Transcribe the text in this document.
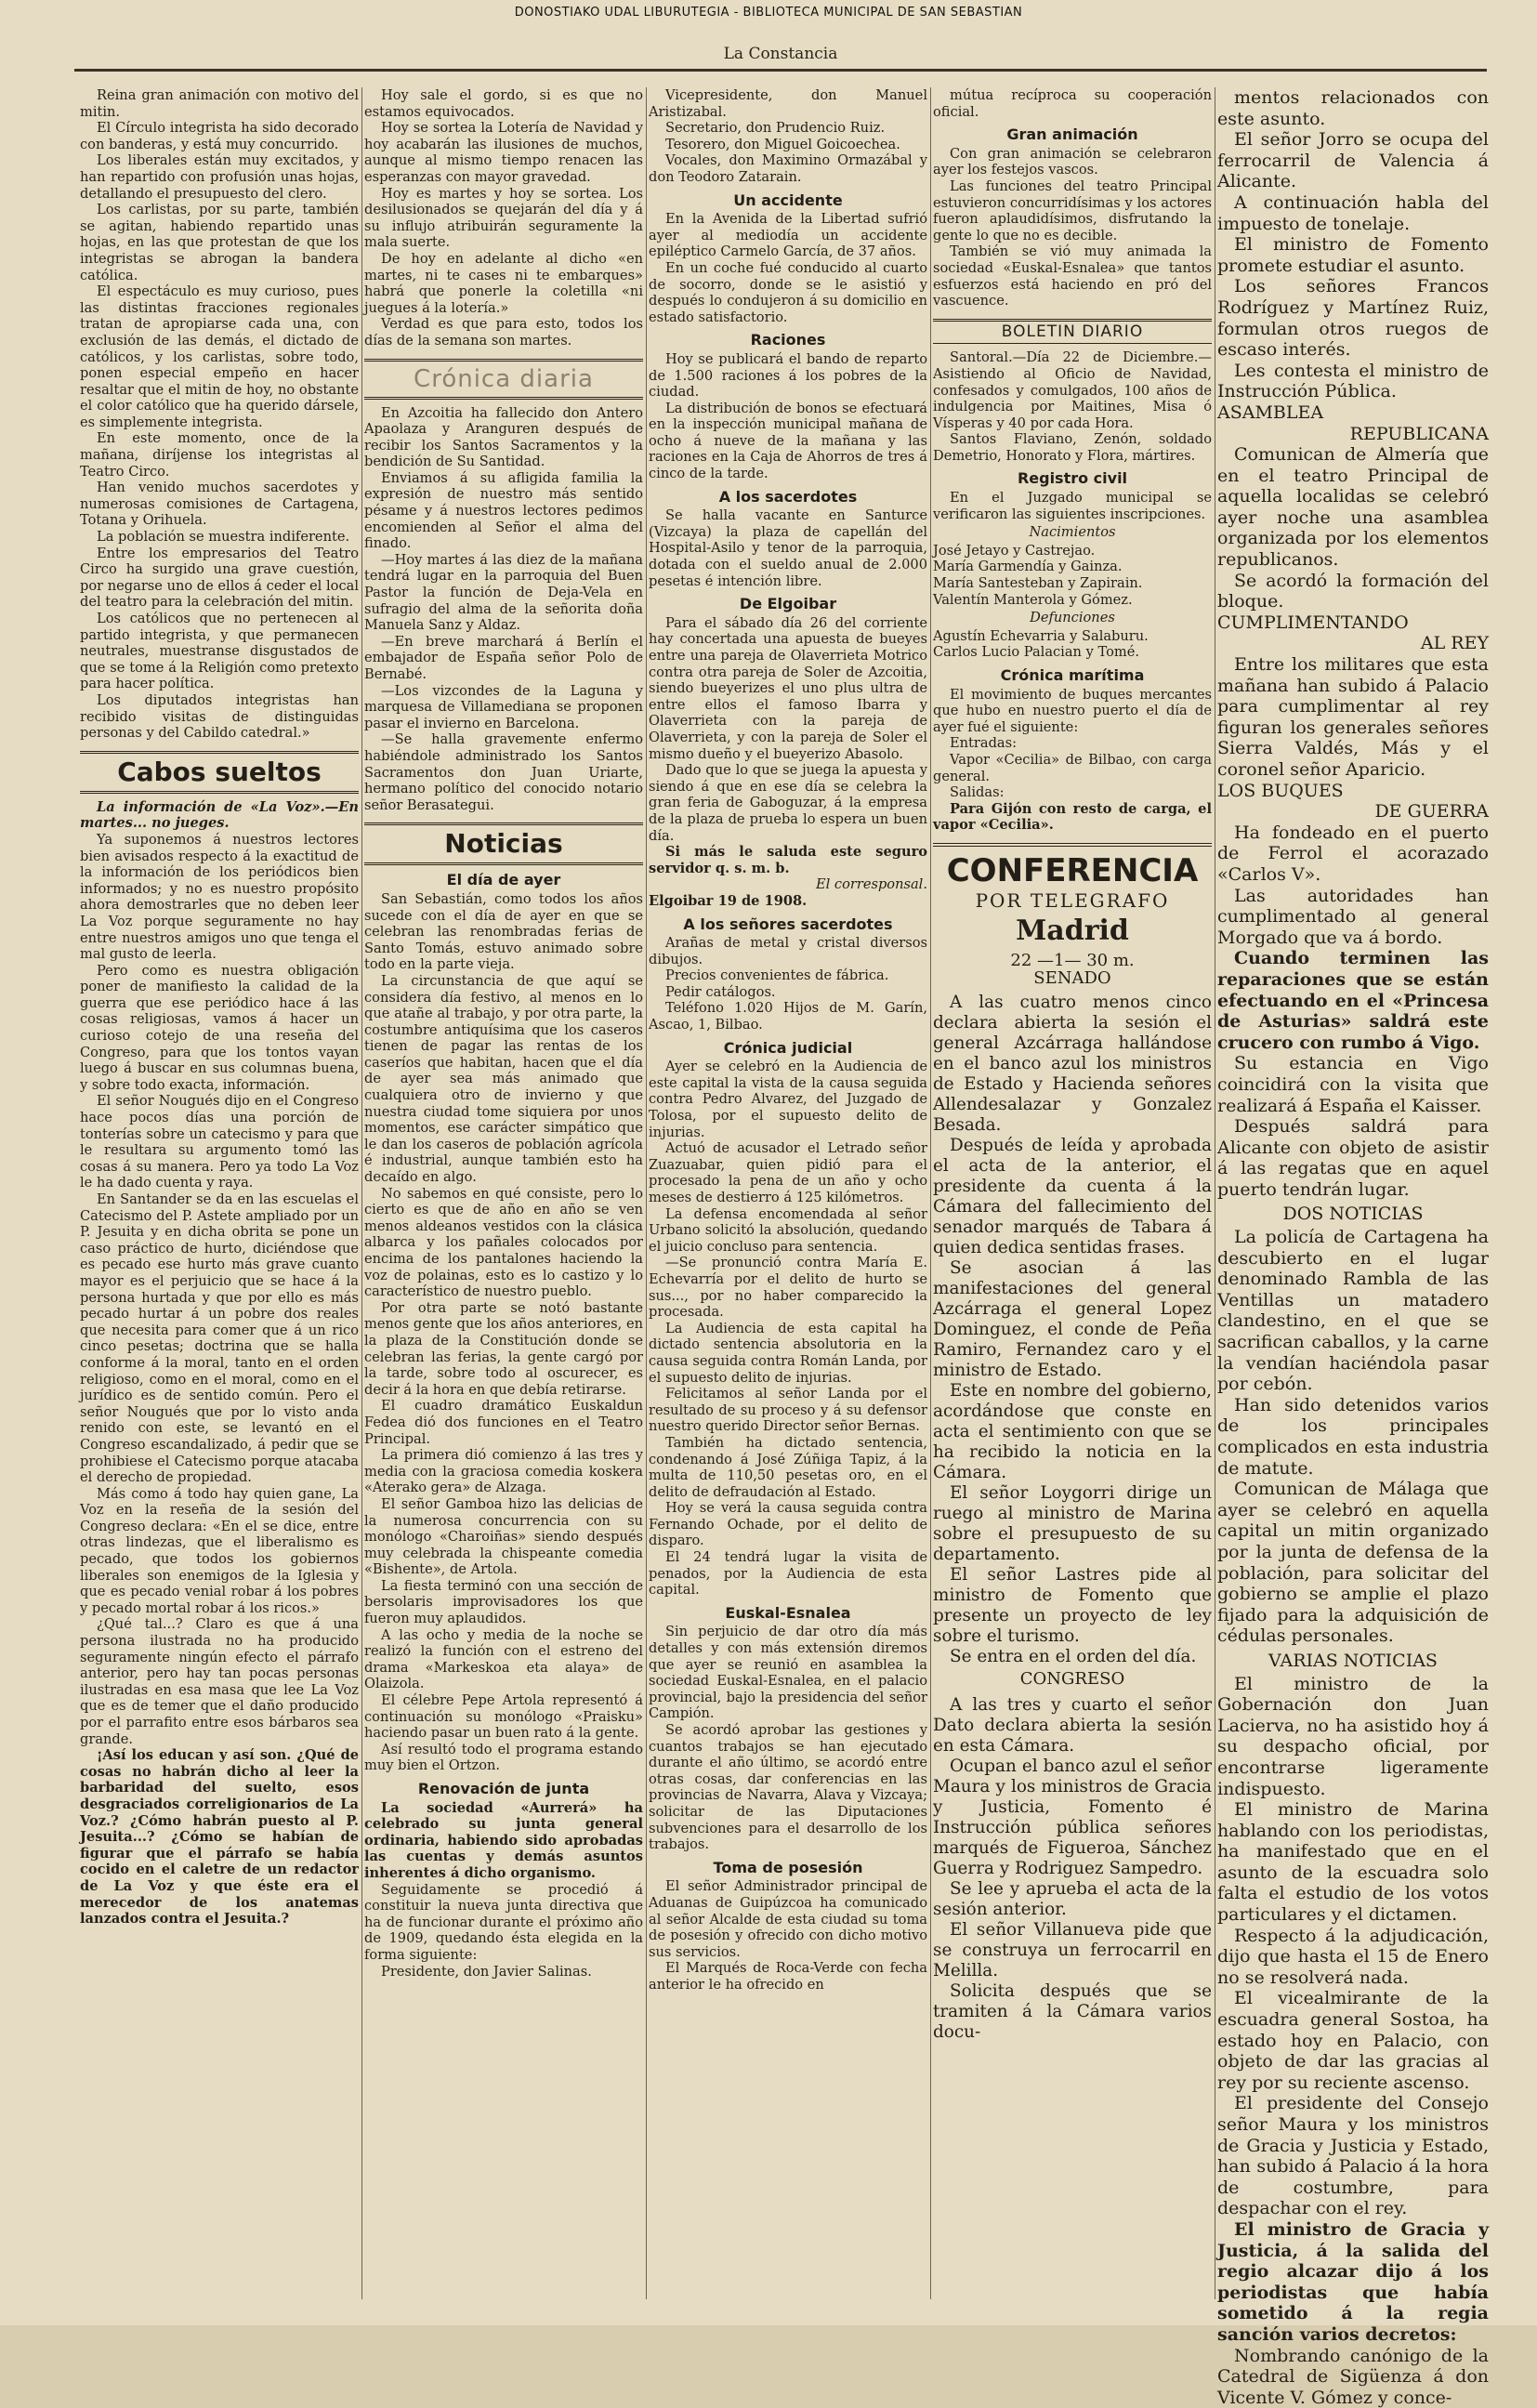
DONOSTIAKO UDAL LIBURUTEGIA - BIBLIOTECA MUNICIPAL DE SAN SEBASTIAN
La Constancia

Reina gran animación con motivo del mitin.

El Círculo integrista ha sido decorado con banderas, y está muy concurrido.

Los liberales están muy excitados, y han repartido con profusión unas hojas, detallando el presupuesto del clero.

Los carlistas, por su parte, también se agitan, habiendo repartido unas hojas, en las que protestan de que los integristas se abrogan la bandera católica.

El espectáculo es muy curioso, pues las distintas fracciones regionales tratan de apropiarse cada una, con exclusión de las demás, el dictado de católicos, y los carlistas, sobre todo, ponen especial empeño en hacer resaltar que el mitin de hoy, no obstante el color católico que ha querido dársele, es simplemente integrista.

En este momento, once de la mañana, diríjense los integristas al Teatro Circo.

Han venido muchos sacerdotes y numerosas comisiones de Cartagena, Totana y Orihuela.

La población se muestra indiferente.

Entre los empresarios del Teatro Circo ha surgido una grave cuestión, por negarse uno de ellos á ceder el local del teatro para la celebración del mitin.

Los católicos que no pertenecen al partido integrista, y que permanecen neutrales, muestranse disgustados de que se tome á la Religión como pretexto para hacer política.

Los diputados integristas han recibido visitas de distinguidas personas y del Cabildo catedral.»

Cabos sueltos

La información de «La Voz».—En martes... no jueges.

Ya suponemos á nuestros lectores bien avisados respecto á la exactitud de la información de los periódicos bien informados; y no es nuestro propósito ahora demostrarles que no deben leer La Voz porque seguramente no hay entre nuestros amigos uno que tenga el mal gusto de leerla.

Pero como es nuestra obligación poner de manifiesto la calidad de la guerra que ese periódico hace á las cosas religiosas, vamos á hacer un curioso cotejo de una reseña del Congreso, para que los tontos vayan luego á buscar en sus columnas buena, y sobre todo exacta, información.

El señor Nougués dijo en el Congreso hace pocos días una porción de tonterías sobre un catecismo y para que le resultara su argumento tomó las cosas á su manera. Pero ya todo La Voz le ha dado cuenta y raya.

En Santander se da en las escuelas el Catecismo del P. Astete ampliado por un P. Jesuita y en dicha obrita se pone un caso práctico de hurto, diciéndose que es pecado ese hurto más grave cuanto mayor es el perjuicio que se hace á la persona hurtada y que por ello es más pecado hurtar á un pobre dos reales que necesita para comer que á un rico cinco pesetas; doctrina que se halla conforme á la moral, tanto en el orden religioso, como en el moral, como en el jurídico es de sentido común. Pero el señor Nougués que por lo visto anda renido con este, se levantó en el Congreso escandalizado, á pedir que se prohibiese el Catecismo porque atacaba el derecho de propiedad.

Más como á todo hay quien gane, La Voz en la reseña de la sesión del Congreso declara: «En el se dice, entre otras lindezas, que el liberalismo es pecado, que todos los gobiernos liberales son enemigos de la Iglesia y que es pecado venial robar á los pobres y pecado mortal robar á los ricos.»

¿Qué tal...? Claro es que á una persona ilustrada no ha producido seguramente ningún efecto el párrafo anterior, pero hay tan pocas personas ilustradas en esa masa que lee La Voz que es de temer que el daño producido por el parrafito entre esos bárbaros sea grande.

¡Así los educan y así son. ¿Qué de cosas no habrán dicho al leer la barbaridad del suelto, esos desgraciados correligionarios de La Voz.? ¿Cómo habrán puesto al P. Jesuita...? ¿Cómo se habían de figurar que el párrafo se había cocido en el caletre de un redactor de La Voz y que éste era el merecedor de los anatemas lanzados contra el Jesuita.?

Hoy sale el gordo, si es que no estamos equivocados.

Hoy se sortea la Lotería de Navidad y hoy acabarán las ilusiones de muchos, aunque al mismo tiempo renacen las esperanzas con mayor gravedad.

Hoy es martes y hoy se sortea. Los desilusionados se quejarán del día y á su influjo atribuirán seguramente la mala suerte.

De hoy en adelante al dicho «en martes, ni te cases ni te embarques» habrá que ponerle la coletilla «ni juegues á la lotería.»

Verdad es que para esto, todos los días de la semana son martes.

Crónica diaria

En Azcoitia ha fallecido don Antero Apaolaza y Aranguren después de recibir los Santos Sacramentos y la bendición de Su Santidad.

Enviamos á su afligida familia la expresión de nuestro más sentido pésame y á nuestros lectores pedimos encomienden al Señor el alma del finado.

—Hoy martes á las diez de la mañana tendrá lugar en la parroquia del Buen Pastor la función de Deja-Vela en sufragio del alma de la señorita doña Manuela Sanz y Aldaz.

—En breve marchará á Berlín el embajador de España señor Polo de Bernabé.

—Los vizcondes de la Laguna y marquesa de Villamediana se proponen pasar el invierno en Barcelona.

—Se halla gravemente enfermo habiéndole administrado los Santos Sacramentos don Juan Uriarte, hermano político del conocido notario señor Berasategui.

Noticias
El día de ayer

San Sebastián, como todos los años sucede con el día de ayer en que se celebran las renombradas ferias de Santo Tomás, estuvo animado sobre todo en la parte vieja.

La circunstancia de que aquí se considera día festivo, al menos en lo que atañe al trabajo, y por otra parte, la costumbre antiquísima que los caseros tienen de pagar las rentas de los caseríos que habitan, hacen que el día de ayer sea más animado que cualquiera otro de invierno y que nuestra ciudad tome siquiera por unos momentos, ese carácter simpático que le dan los caseros de población agrícola é industrial, aunque también esto ha decaído en algo.

No sabemos en qué consiste, pero lo cierto es que de año en año se ven menos aldeanos vestidos con la clásica albarca y los pañales colocados por encima de los pantalones haciendo la voz de polainas, esto es lo castizo y lo característico de nuestro pueblo.

Por otra parte se notó bastante menos gente que los años anteriores, en la plaza de la Constitución donde se celebran las ferias, la gente cargó por la tarde, sobre todo al oscurecer, es decir á la hora en que debía retirarse.

El cuadro dramático Euskaldun Fedea dió dos funciones en el Teatro Principal.

La primera dió comienzo á las tres y media con la graciosa comedia koskera «Aterako gera» de Alzaga.

El señor Gamboa hizo las delicias de la numerosa concurrencia con su monólogo «Charoiñas» siendo después muy celebrada la chispeante comedia «Bishente», de Artola.

La fiesta terminó con una sección de bersolaris improvisadores los que fueron muy aplaudidos.

A las ocho y media de la noche se realizó la función con el estreno del drama «Markeskoa eta alaya» de Olaizola.

El célebre Pepe Artola representó á continuación su monólogo «Praisku» haciendo pasar un buen rato á la gente.

Así resultó todo el programa estando muy bien el Ortzon.

Renovación de junta

La sociedad «Aurrerá» ha celebrado su junta general ordinaria, habiendo sido aprobadas las cuentas y demás asuntos inherentes á dicho organismo.

Seguidamente se procedió á constituir la nueva junta directiva que ha de funcionar durante el próximo año de 1909, quedando ésta elegida en la forma siguiente:

Presidente, don Javier Salinas.

Vicepresidente, don Manuel Aristizabal.

Secretario, don Prudencio Ruiz.

Tesorero, don Miguel Goicoechea.

Vocales, don Maximino Ormazábal y don Teodoro Zatarain.

Un accidente

En la Avenida de la Libertad sufrió ayer al mediodía un accidente epiléptico Carmelo García, de 37 años.

En un coche fué conducido al cuarto de socorro, donde se le asistió y después lo condujeron á su domicilio en estado satisfactorio.

Raciones

Hoy se publicará el bando de reparto de 1.500 raciones á los pobres de la ciudad.

La distribución de bonos se efectuará en la inspección municipal mañana de ocho á nueve de la mañana y las raciones en la Caja de Ahorros de tres á cinco de la tarde.

A los sacerdotes

Se halla vacante en Santurce (Vizcaya) la plaza de capellán del Hospital-Asilo y tenor de la parroquia, dotada con el sueldo anual de 2.000 pesetas é intención libre.

De Elgoibar

Para el sábado día 26 del corriente hay concertada una apuesta de bueyes entre una pareja de Olaverrieta Motrico contra otra pareja de Soler de Azcoitia, siendo bueyerizes el uno plus ultra de entre ellos el famoso Ibarra y Olaverrieta con la pareja de Olaverrieta, y con la pareja de Soler el mismo dueño y el bueyerizo Abasolo.

Dado que lo que se juega la apuesta y siendo á que en ese día se celebra la gran feria de Gaboguzar, á la empresa de la plaza de prueba lo espera un buen día.

Si más le saluda este seguro servidor q. s. m. b.

El corresponsal.

Elgoibar 19 de 1908.

A los señores sacerdotes

Arañas de metal y cristal diversos dibujos.

Precios convenientes de fábrica.

Pedir catálogos.

Teléfono 1.020 Hijos de M. Garín, Ascao, 1, Bilbao.

Crónica judicial

Ayer se celebró en la Audiencia de este capital la vista de la causa seguida contra Pedro Alvarez, del Juzgado de Tolosa, por el supuesto delito de injurias.

Actuó de acusador el Letrado señor Zuazuabar, quien pidió para el procesado la pena de un año y ocho meses de destierro á 125 kilómetros.

La defensa encomendada al señor Urbano solicitó la absolución, quedando el juicio concluso para sentencia.

—Se pronunció contra María E. Echevarría por el delito de hurto se sus..., por no haber comparecido la procesada.

La Audiencia de esta capital ha dictado sentencia absolutoria en la causa seguida contra Román Landa, por el supuesto delito de injurias.

Felicitamos al señor Landa por el resultado de su proceso y á su defensor nuestro querido Director señor Bernas.

También ha dictado sentencia, condenando á José Zúñiga Tapiz, á la multa de 110,50 pesetas oro, en el delito de defraudación al Estado.

Hoy se verá la causa seguida contra Fernando Ochade, por el delito de disparo.

El 24 tendrá lugar la visita de penados, por la Audiencia de esta capital.

Euskal-Esnalea

Sin perjuicio de dar otro día más detalles y con más extensión diremos que ayer se reunió en asamblea la sociedad Euskal-Esnalea, en el palacio provincial, bajo la presidencia del señor Campión.

Se acordó aprobar las gestiones y cuantos trabajos se han ejecutado durante el año último, se acordó entre otras cosas, dar conferencias en las provincias de Navarra, Alava y Vizcaya; solicitar de las Diputaciones subvenciones para el desarrollo de los trabajos.

Toma de posesión

El señor Administrador principal de Aduanas de Guipúzcoa ha comunicado al señor Alcalde de esta ciudad su toma de posesión y ofrecido con dicho motivo sus servicios.

El Marqués de Roca-Verde con fecha anterior le ha ofrecido en

mútua recíproca su cooperación oficial.

Gran animación

Con gran animación se celebraron ayer los festejos vascos.

Las funciones del teatro Principal estuvieron concurridísimas y los actores fueron aplaudidísimos, disfrutando la gente lo que no es decible.

También se vió muy animada la sociedad «Euskal-Esnalea» que tantos esfuerzos está haciendo en pró del vascuence.

BOLETIN DIARIO

Santoral.—Día 22 de Diciembre.—Asistiendo al Oficio de Navidad, confesados y comulgados, 100 años de indulgencia por Maitines, Misa ó Vísperas y 40 por cada Hora.

Santos Flaviano, Zenón, soldado Demetrio, Honorato y Flora, mártires.

Registro civil

En el Juzgado municipal se verificaron las siguientes inscripciones.

Nacimientos

José Jetayo y Castrejao.

María Garmendía y Gainza.

María Santesteban y Zapirain.

Valentín Manterola y Gómez.

Defunciones

Agustín Echevarria y Salaburu.

Carlos Lucio Palacian y Tomé.

Crónica marítima

El movimiento de buques mercantes que hubo en nuestro puerto el día de ayer fué el siguiente:

Entradas:

Vapor «Cecilia» de Bilbao, con carga general.

Salidas:

Para Gijón con resto de carga, el vapor «Cecilia».

CONFERENCIA
POR TELEGRAFO
Madrid
22 —1— 30 m.
SENADO

A las cuatro menos cinco declara abierta la sesión el general Azcárraga hallándose en el banco azul los ministros de Estado y Hacienda señores Allendesalazar y Gonzalez Besada.

Después de leída y aprobada el acta de la anterior, el presidente da cuenta á la Cámara del fallecimiento del senador marqués de Tabara á quien dedica sentidas frases.

Se asocian á las manifestaciones del general Azcárraga el general Lopez Dominguez, el conde de Peña Ramiro, Fernandez caro y el ministro de Estado.

Este en nombre del gobierno, acordándose que conste en acta el sentimiento con que se ha recibido la noticia en la Cámara.

El señor Loygorri dirige un ruego al ministro de Marina sobre el presupuesto de su departamento.

El señor Lastres pide al ministro de Fomento que presente un proyecto de ley sobre el turismo.

Se entra en el orden del día.

CONGRESO

A las tres y cuarto el señor Dato declara abierta la sesión en esta Cámara.

Ocupan el banco azul el señor Maura y los ministros de Gracia y Justicia, Fomento é Instrucción pública señores marqués de Figueroa, Sánchez Guerra y Rodriguez Sampedro.

Se lee y aprueba el acta de la sesión anterior.

El señor Villanueva pide que se construya un ferrocarril en Melilla.

Solicita después que se tramiten á la Cámara varios docu-

mentos relacionados con este asunto.

El señor Jorro se ocupa del ferrocarril de Valencia á Alicante.

A continuación habla del impuesto de tonelaje.

El ministro de Fomento promete estudiar el asunto.

Los señores Francos Rodríguez y Martínez Ruiz, formulan otros ruegos de escaso interés.

Les contesta el ministro de Instrucción Pública.

ASAMBLEA

REPUBLICANA

Comunican de Almería que en el teatro Principal de aquella localidas se celebró ayer noche una asamblea organizada por los elementos republicanos.

Se acordó la formación del bloque.

CUMPLIMENTANDO

AL REY

Entre los militares que esta mañana han subido á Palacio para cumplimentar al rey figuran los generales señores Sierra Valdés, Más y el coronel señor Aparicio.

LOS BUQUES

DE GUERRA

Ha fondeado en el puerto de Ferrol el acorazado «Carlos V».

Las autoridades han cumplimentado al general Morgado que va á bordo.

Cuando terminen las reparaciones que se están efectuando en el «Princesa de Asturias» saldrá este crucero con rumbo á Vigo.

Su estancia en Vigo coincidirá con la visita que realizará á España el Kaisser.

Después saldrá para Alicante con objeto de asistir á las regatas que en aquel puerto tendrán lugar.

DOS NOTICIAS

La policía de Cartagena ha descubierto en el lugar denominado Rambla de las Ventillas un matadero clandestino, en el que se sacrifican caballos, y la carne la vendían haciéndola pasar por cebón.

Han sido detenidos varios de los principales complicados en esta industria de matute.

Comunican de Málaga que ayer se celebró en aquella capital un mitin organizado por la junta de defensa de la población, para solicitar del gobierno se amplie el plazo fijado para la adquisición de cédulas personales.

VARIAS NOTICIAS

El ministro de la Gobernación don Juan Lacierva, no ha asistido hoy á su despacho oficial, por encontrarse ligeramente indispuesto.

El ministro de Marina hablando con los periodistas, ha manifestado que en el asunto de la escuadra solo falta el estudio de los votos particulares y el dictamen.

Respecto á la adjudicación, dijo que hasta el 15 de Enero no se resolverá nada.

El vicealmirante de la escuadra general Sostoa, ha estado hoy en Palacio, con objeto de dar las gracias al rey por su reciente ascenso.

El presidente del Consejo señor Maura y los ministros de Gracia y Justicia y Estado, han subido á Palacio á la hora de costumbre, para despachar con el rey.

El ministro de Gracia y Justicia, á la salida del regio alcazar dijo á los periodistas que había sometido á la regia sanción varios decretos:

Nombrando canónigo de la Catedral de Sigüenza á don Vicente V. Gómez y conce-
